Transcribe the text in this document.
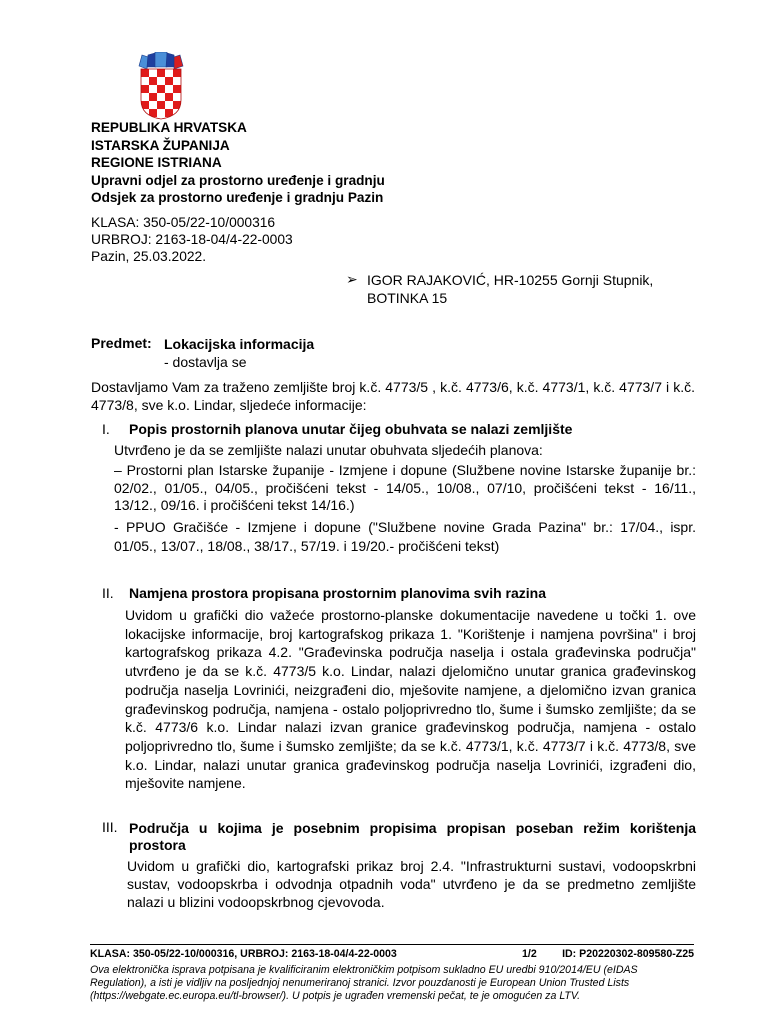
REPUBLIKA HRVATSKA
ISTARSKA ŽUPANIJA
REGIONE ISTRIANA
Upravni odjel za prostorno uređenje i gradnju
Odsjek za prostorno uređenje i gradnju Pazin
KLASA: 350-05/22-10/000316
URBROJ: 2163-18-04/4-22-0003
Pazin, 25.03.2022.
➢ IGOR RAJAKOVIĆ, HR-10255 Gornji Stupnik,
BOTINKA 15
Predmet: Lokacijska informacija
- dostavlja se

Dostavljamo Vam za traženo zemljište broj k.č. 4773/5 , k.č. 4773/6, k.č. 4773/1, k.č. 4773/7 i k.č. 4773/8, sve k.o. Lindar, sljedeće informacije:

I. Popis prostornih planova unutar čijeg obuhvata se nalazi zemljište

Utvrđeno je da se zemljište nalazi unutar obuhvata sljedećih planova:

– Prostorni plan Istarske županije - Izmjene i dopune (Službene novine Istarske županije br.: 02/02., 01/05., 04/05., pročišćeni tekst - 14/05., 10/08., 07/10, pročišćeni tekst - 16/11., 13/12., 09/16. i pročišćeni tekst 14/16.)

- PPUO Gračišće - Izmjene i dopune ("Službene novine Grada Pazina" br.: 17/04., ispr. 01/05., 13/07., 18/08., 38/17., 57/19. i 19/20.- pročišćeni tekst)

II. Namjena prostora propisana prostornim planovima svih razina

Uvidom u grafički dio važeće prostorno-planske dokumentacije navedene u točki 1. ove lokacijske informacije, broj kartografskog prikaza 1. "Korištenje i namjena površina" i broj kartografskog prikaza 4.2. "Građevinska područja naselja i ostala građevinska područja" utvrđeno je da se k.č. 4773/5 k.o. Lindar, nalazi djelomično unutar granica građevinskog područja naselja Lovrinići, neizgrađeni dio, mješovite namjene, a djelomično izvan granica građevinskog područja, namjena - ostalo poljoprivredno tlo, šume i šumsko zemljište; da se k.č. 4773/6 k.o. Lindar nalazi izvan granice građevinskog područja, namjena - ostalo poljoprivredno tlo, šume i šumsko zemljište; da se k.č. 4773/1, k.č. 4773/7 i k.č. 4773/8, sve k.o. Lindar, nalazi unutar granica građevinskog područja naselja Lovrinići, izgrađeni dio, mješovite namjene.

III. Područja u kojima je posebnim propisima propisan poseban režim korištenja
prostora

Uvidom u grafički dio, kartografski prikaz broj 2.4. "Infrastrukturni sustavi, vodoopskrbni sustav, vodoopskrba i odvodnja otpadnih voda" utvrđeno je da se predmetno zemljište nalazi u blizini vodoopskrbnog cjevovoda.

KLASA: 350-05/22-10/000316, URBROJ: 2163-18-04/4-22-0003	1/2 ID: P20220302-809580-Z25

Ova elektronička isprava potpisana je kvalificiranim elektroničkim potpisom sukladno EU uredbi 910/2014/EU (eIDAS Regulation), a isti je vidljiv na posljednjoj nenumeriranoj stranici. Izvor pouzdanosti je European Union Trusted Lists (https://webgate.ec.europa.eu/tl-browser/). U potpis je ugrađen vremenski pečat, te je omogućen za LTV.
